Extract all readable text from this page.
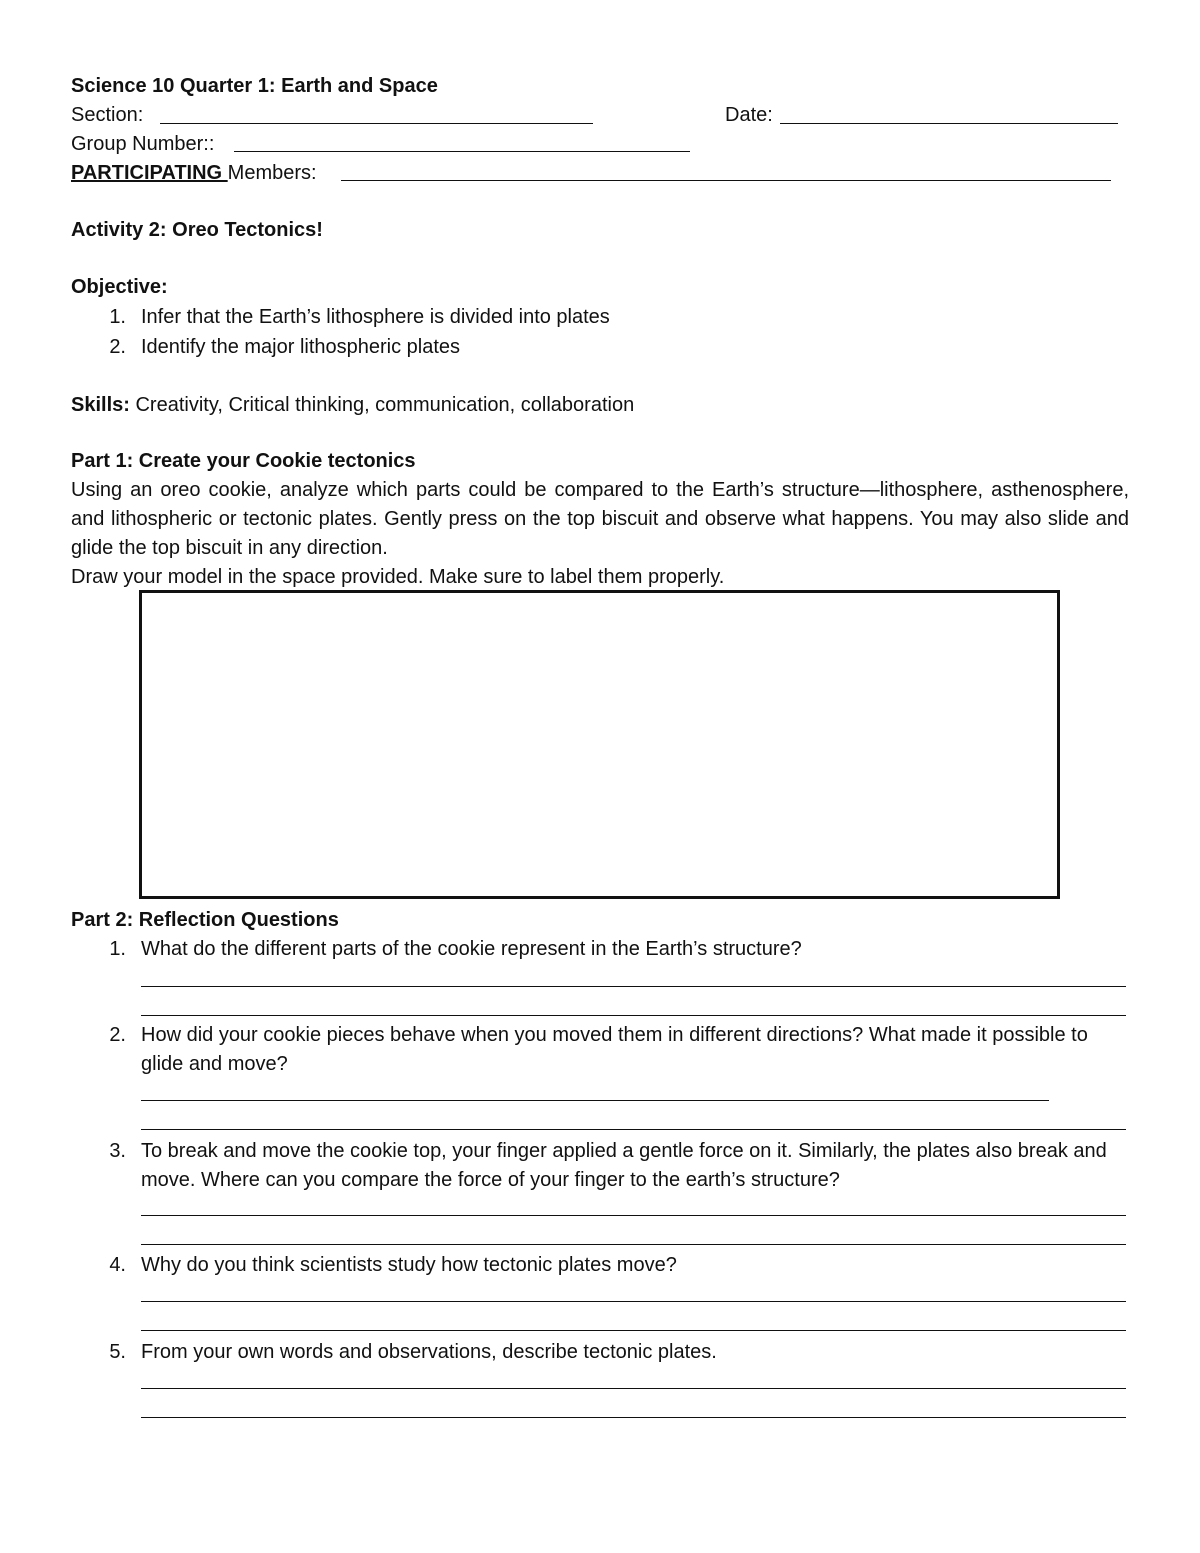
Science 10 Quarter 1: Earth and Space
Section:	Date:
Group Number::
PARTICIPATING Members:
Activity 2: Oreo Tectonics!
Objective:
1. Infer that the Earth’s lithosphere is divided into plates
2. Identify the major lithospheric plates
Skills: Creativity, Critical thinking, communication, collaboration
Part 1: Create your Cookie tectonics
Using an oreo cookie, analyze which parts could be compared to the Earth’s structure—lithosphere, asthenosphere, and lithospheric or tectonic plates. Gently press on the top biscuit and observe what happens. You may also slide and glide the top biscuit in any direction.
Draw your model in the space provided. Make sure to label them properly.
Part 2: Reflection Questions
1. What do the different parts of the cookie represent in the Earth’s structure?
2. How did your cookie pieces behave when you moved them in different directions? What made it possible to glide and move?
3. To break and move the cookie top, your finger applied a gentle force on it. Similarly, the plates also break and move. Where can you compare the force of your finger to the earth’s structure?
4. Why do you think scientists study how tectonic plates move?
5. From your own words and observations, describe tectonic plates.
